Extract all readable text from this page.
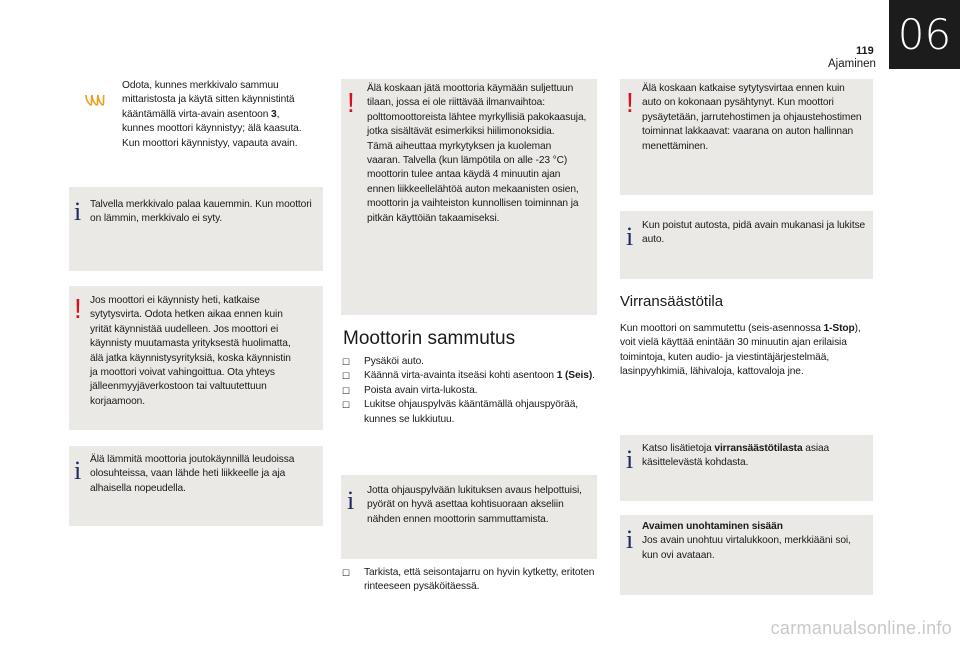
119
Ajaminen
06
Odota, kunnes merkkivalo sammuu
mittaristosta ja käytä sitten käynnistintä
kääntämällä virta-avain asentoon 3,
kunnes moottori käynnistyy; älä kaasuta.
Kun moottori käynnistyy, vapauta avain.
i Talvella merkkivalo palaa kauemmin. Kun moottori
on lämmin, merkkivalo ei syty.
! Jos moottori ei käynnisty heti, katkaise
sytytysvirta. Odota hetken aikaa ennen kuin
yrität käynnistää uudelleen. Jos moottori ei
käynnisty muutamasta yrityksestä huolimatta,
älä jatka käynnistysyrityksiä, koska käynnistin
ja moottori voivat vahingoittua. Ota yhteys
jälleenmyyjäverkostoon tai valtuutettuun
korjaamoon.
i Älä lämmitä moottoria joutokäynnillä leudoissa
olosuhteissa, vaan lähde heti liikkeelle ja aja
alhaisella nopeudella.
! Älä koskaan jätä moottoria käymään suljettuun
tilaan, jossa ei ole riittävää ilmanvaihtoa:
polttomoottoreista lähtee myrkyllisiä pakokaasuja,
jotka sisältävät esimerkiksi hiilimonoksidia.
Tämä aiheuttaa myrkytyksen ja kuoleman
vaaran. Talvella (kun lämpötila on alle -23 °C)
moottorin tulee antaa käydä 4 minuutin ajan
ennen liikkeellelähtöä auton mekaanisten osien,
moottorin ja vaihteiston kunnollisen toiminnan ja
pitkän käyttöiän takaamiseksi.
Moottorin sammutus
☐ Pysäköi auto.
☐ Käännä virta-avainta itseäsi kohti asentoon 1 (Seis).
☐ Poista avain virta-lukosta.
☐ Lukitse ohjauspylväs kääntämällä ohjauspyörää,
kunnes se lukkiutuu.
i Jotta ohjauspylvään lukituksen avaus helpottuisi,
pyörät on hyvä asettaa kohtisuoraan akseliin
nähden ennen moottorin sammuttamista.
☐ Tarkista, että seisontajarru on hyvin kytketty, eritoten
rinteeseen pysäköitäessä.
! Älä koskaan katkaise sytytysvirtaa ennen kuin
auto on kokonaan pysähtynyt. Kun moottori
pysäytetään, jarrutehostimen ja ohjaustehostimen
toiminnat lakkaavat: vaarana on auton hallinnan
menettäminen.
i Kun poistut autosta, pidä avain mukanasi ja lukitse
auto.
Virransäästötila
Kun moottori on sammutettu (seis-asennossa 1-Stop),
voit vielä käyttää enintään 30 minuutin ajan erilaisia
toimintoja, kuten audio- ja viestintäjärjestelmää,
lasinpyyhkimiä, lähivaloja, kattovaloja jne.
i Katso lisätietoja virransäästötilasta asiaa
käsittelevästä kohdasta.
i Avaimen unohtaminen sisään
Jos avain unohtuu virtalukkoon, merkkiääni soi,
kun ovi avataan.
carmanualsonline.info
